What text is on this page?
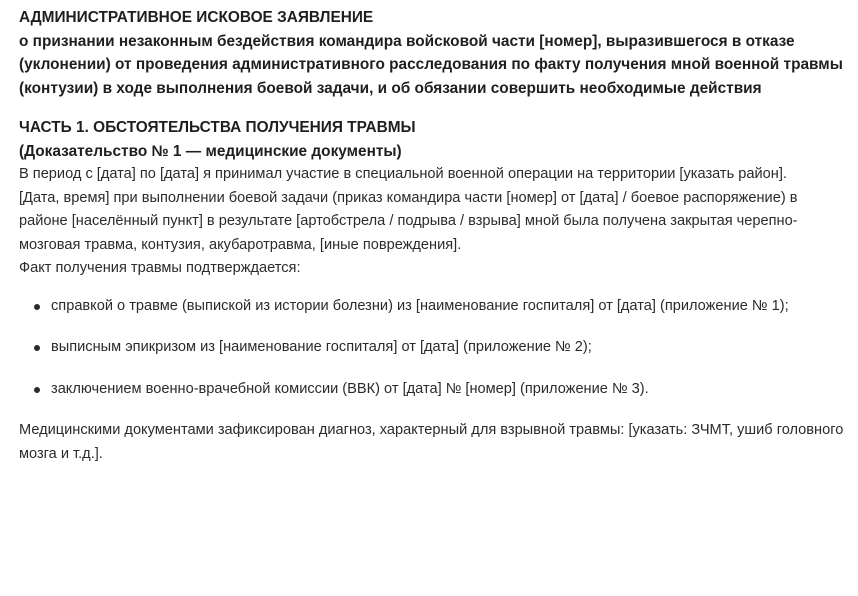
АДМИНИСТРАТИВНОЕ ИСКОВОЕ ЗАЯВЛЕНИЕ
о признании незаконным бездействия командира войсковой части [номер], выразившегося в отказе (уклонении) от проведения административного расследования по факту получения мной военной травмы (контузии) в ходе выполнения боевой задачи, и об обязании совершить необходимые действия
ЧАСТЬ 1. ОБСТОЯТЕЛЬСТВА ПОЛУЧЕНИЯ ТРАВМЫ
(Доказательство № 1 — медицинские документы)

В период с [дата] по [дата] я принимал участие в специальной военной операции на территории [указать район].

[Дата, время] при выполнении боевой задачи (приказ командира части [номер] от [дата] / боевое распоряжение) в районе [населённый пункт] в результате [артобстрела / подрыва / взрыва] мной была получена закрытая черепно-мозговая травма, контузия, акубаротравма, [иные повреждения].

Факт получения травмы подтверждается:

справкой о травме (выпиской из истории болезни) из [наименование госпиталя] от [дата] (приложение № 1);
выписным эпикризом из [наименование госпиталя] от [дата] (приложение № 2);
заключением военно-врачебной комиссии (ВВК) от [дата] № [номер] (приложение № 3).

Медицинскими документами зафиксирован диагноз, характерный для взрывной травмы: [указать: ЗЧМТ, ушиб головного мозга и т.д.].
